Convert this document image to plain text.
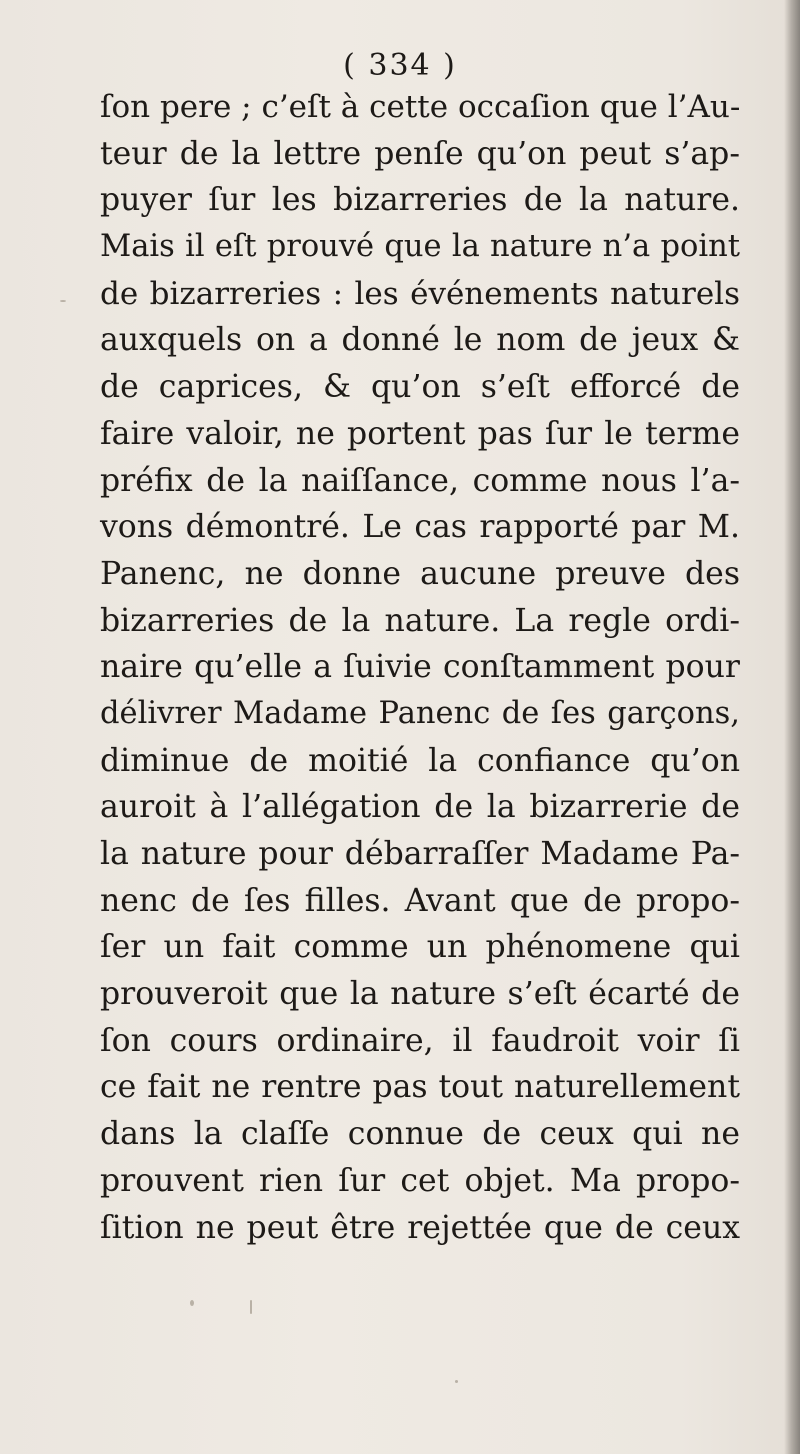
( 334 )
ſon pere ; c’eſt à cette occaſion que l’Au-
teur de la lettre penſe qu’on peut s’ap-
puyer ſur les bizarreries de la nature.
Mais il eſt prouvé que la nature n’a point
de bizarreries : les événements naturels
auxquels on a donné le nom de jeux &
de caprices, & qu’on s’eſt efforcé de
faire valoir, ne portent pas ſur le terme
préfix de la naiſſance, comme nous l’a-
vons démontré. Le cas rapporté par M.
Panenc, ne donne aucune preuve des
bizarreries de la nature. La regle ordi-
naire qu’elle a ſuivie conſtamment pour
délivrer Madame Panenc de ſes garçons,
diminue de moitié la confiance qu’on
auroit à l’allégation de la bizarrerie de
la nature pour débarraſſer Madame Pa-
nenc de ſes filles. Avant que de propo-
ſer un fait comme un phénomene qui
prouveroit que la nature s’eſt écarté de
ſon cours ordinaire, il faudroit voir ſi
ce fait ne rentre pas tout naturellement
dans la claſſe connue de ceux qui ne
prouvent rien ſur cet objet. Ma propo-
ſition ne peut être rejettée que de ceux
